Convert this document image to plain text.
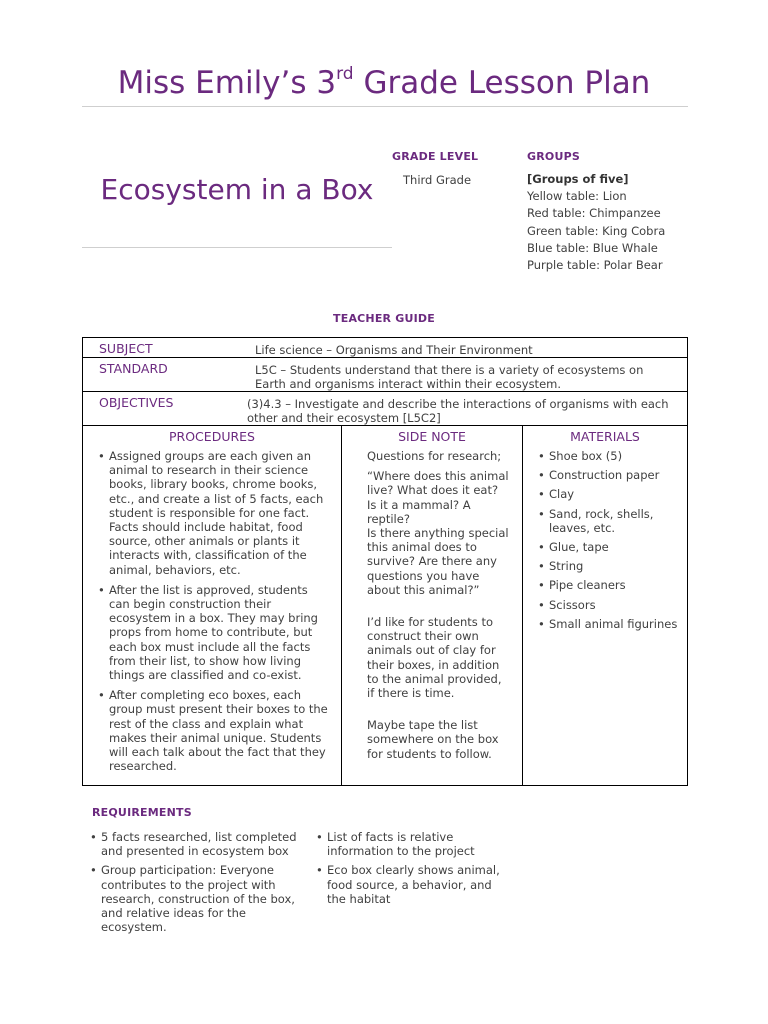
Miss Emily’s 3rd Grade Lesson Plan
Ecosystem in a Box
GRADE LEVEL
Third Grade
GROUPS
[Groups of five]
Yellow table: Lion
Red table: Chimpanzee
Green table: King Cobra
Blue table: Blue Whale
Purple table: Polar Bear
TEACHER GUIDE
SUBJECT	Life science – Organisms and Their Environment
STANDARD	L5C – Students understand that there is a variety of ecosystems on Earth and organisms interact within their ecosystem.
OBJECTIVES	(3)4.3 – Investigate and describe the interactions of organisms with each other and their ecosystem [L5C2]
PROCEDURES
• Assigned groups are each given an animal to research in their science books, library books, chrome books, etc., and create a list of 5 facts, each student is responsible for one fact. Facts should include habitat, food source, other animals or plants it interacts with, classification of the animal, behaviors, etc.
• After the list is approved, students can begin construction their ecosystem in a box. They may bring props from home to contribute, but each box must include all the facts from their list, to show how living things are classified and co-exist.
• After completing eco boxes, each group must present their boxes to the rest of the class and explain what makes their animal unique. Students will each talk about the fact that they researched.
SIDE NOTE
Questions for research;
“Where does this animal live? What does it eat? Is it a mammal? A reptile?
Is there anything special this animal does to survive? Are there any questions you have about this animal?”
I’d like for students to construct their own animals out of clay for their boxes, in addition to the animal provided, if there is time.
Maybe tape the list somewhere on the box for students to follow.
MATERIALS
• Shoe box (5)
• Construction paper
• Clay
• Sand, rock, shells, leaves, etc.
• Glue, tape
• String
• Pipe cleaners
• Scissors
• Small animal figurines
REQUIREMENTS
• 5 facts researched, list completed and presented in ecosystem box
• Group participation: Everyone contributes to the project with research, construction of the box, and relative ideas for the ecosystem.
• List of facts is relative information to the project
• Eco box clearly shows animal, food source, a behavior, and the habitat
